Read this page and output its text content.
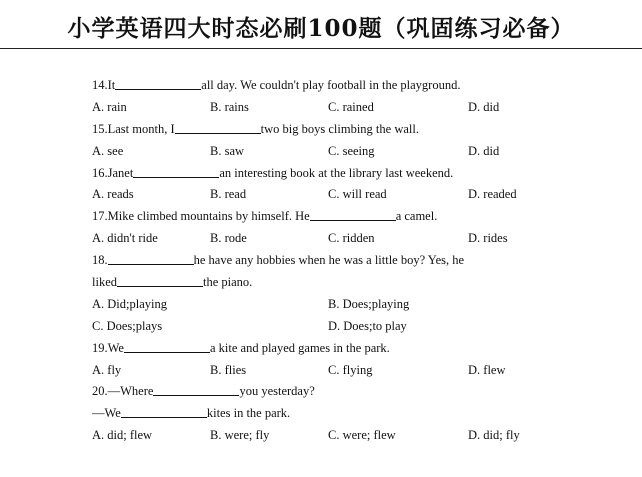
小学英语四大时态必刷100题（巩固练习必备）
14.It	all day. We couldn't play football in the playground.
A. rain	B. rains	C. rained	D. did
15.Last month, I	two big boys climbing the wall.
A. see	B. saw	C. seeing	D. did
16.Janet	an interesting book at the library last weekend.
A. reads	B. read	C. will read	D. readed
17.Mike climbed mountains by himself. He	a camel.
A. didn't ride	B. rode	C. ridden	D. rides
18.	he have any hobbies when he was a little boy? Yes, he
liked	the piano.
A. Did;playing	B. Does;playing
C. Does;plays	D. Does;to play
19.We	a kite and played games in the park.
A. fly	B. flies	C. flying	D. flew
20.—Where	you yesterday?
—We	kites in the park.
A. did; flew	B. were; fly	C. were; flew	D. did; fly
